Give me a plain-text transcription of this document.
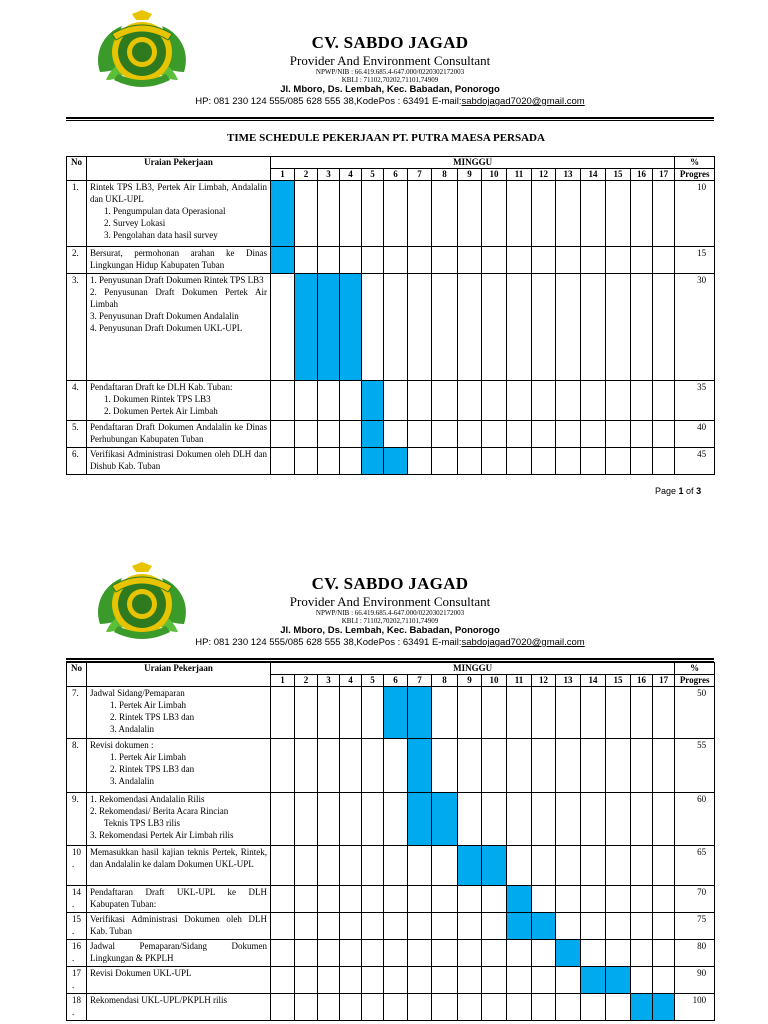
CV. SABDO JAGAD
Provider And Environment Consultant
NPWP/NIB : 66.419.685.4-647.000/0220302172003
KBLI : 71102,70202,71101,74909
Jl. Mboro, Ds. Lembah, Kec. Babadan, Ponorogo
HP: 081 230 124 555/085 628 555 38,KodePos : 63491 E-mail:sabdojagad7020@gmail.com
TIME SCHEDULE PEKERJAAN PT. PUTRA MAESA PERSADA
No	Uraian Pekerjaan	MINGGU																	%
		1	2	3	4	5	6	7	8	9	10	11	12	13	14	15	16	17	Progres
1.	Rintek TPS LB3, Pertek Air Limbah, Andalalin dan UKL-UPL
1. Pengumpulan data Operasional
2. Survey Lokasi
3. Pengolahan data hasil survey																		10
2.	Bersurat, permohonan arahan ke Dinas Lingkungan Hidup Kabupaten Tuban																		15
3.	1. Penyusunan Draft Dokumen Rintek TPS LB3
2. Penyusunan Draft Dokumen Pertek Air Limbah
3. Penyusunan Draft Dokumen Andalalin
4. Penyusunan Draft Dokumen UKL-UPL																		30
4.	Pendaftaran Draft ke DLH Kab. Tuban:
1. Dokumen Rintek TPS LB3
2. Dokumen Pertek Air Limbah																		35
5.	Pendaftaran Draft Dokumen Andalalin ke Dinas Perhubungan Kabupaten Tuban																		40
6.	Verifikasi Administrasi Dokumen oleh DLH dan Dishub Kab. Tuban																		45
Page 1 of 3
CV. SABDO JAGAD
Provider And Environment Consultant
NPWP/NIB : 66.419.685.4-647.000/0220302172003
KBLI : 71102,70202,71101,74909
Jl. Mboro, Ds. Lembah, Kec. Babadan, Ponorogo
HP: 081 230 124 555/085 628 555 38,KodePos : 63491 E-mail:sabdojagad7020@gmail.com
No	Uraian Pekerjaan	MINGGU																	%
		1	2	3	4	5	6	7	8	9	10	11	12	13	14	15	16	17	Progres
7.	Jadwal Sidang/Pemaparan
1. Pertek Air Limbah
2. Rintek TPS LB3 dan
3. Andalalin																		50
8.	Revisi dokumen :
1. Pertek Air Limbah
2. Rintek TPS LB3 dan
3. Andalalin																		55
9.	1. Rekomendasi Andalalin Rilis
2. Rekomendasi/ Berita Acara Rincian
Teknis TPS LB3 rilis
3. Rekomendasi Pertek Air Limbah rilis																		60
10
.	Memasukkan hasil kajian teknis Pertek, Rintek, dan Andalalin ke dalam Dokumen UKL-UPL																		65
14
.	Pendaftaran Draft UKL-UPL ke DLH Kabupaten Tuban:																		70
15
.	Verifikasi Administrasi Dokumen oleh DLH Kab. Tuban																		75
16
.	Jadwal Pemaparan/Sidang Dokumen Lingkungan & PKPLH																		80
17
.	Revisi Dokumen UKL-UPL																		90
18
.	Rekomendasi UKL-UPL/PKPLH rilis																		100
